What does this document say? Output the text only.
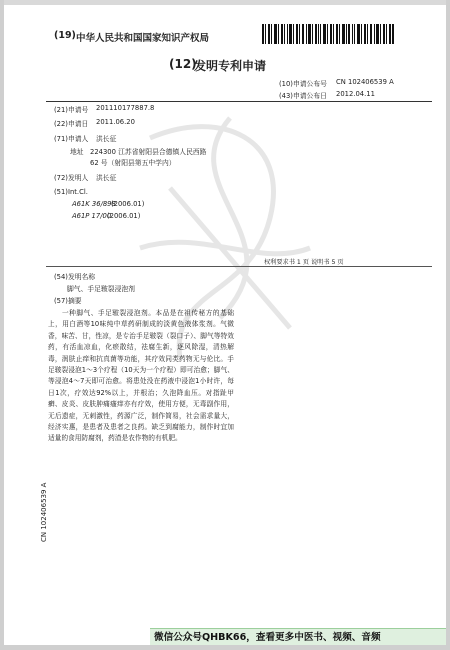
(19) 中华人民共和国国家知识产权局
(12)
发明专利申请
(10)申请公布号 CN 102406539 A
(43)申请公布日 2012.04.11
(21)申请号 201110177887.8
(22)申请日 2011.06.20
(71)申请人 洪长征
地址 224300 江苏省射阳县合德镇人民西路
62 号（射阳县第五中学内）
(72)发明人 洪长征
(51)Int.Cl.
A61K 36/898
(2006.01)
A61P 17/00
(2006.01)
权利要求书 1 页 说明书 5 页
(54)发明名称
脚气、手足皲裂浸泡剂
(57)摘要

一种脚气、手足皲裂浸泡剂。本品是在祖传秘方的基础上，用白酒等10味纯中草药研制成的淡黄色液体浆剂。气微香，味苦、甘，性凉，是专治手足皲裂（裂口子）、脚气等特效药，有活血凉血，化瘀散结，祛腐生新，逐风除湿，清热解毒，润肤止痒和抗真菌等功能，其疗效同类药物无与伦比。手足皲裂浸泡1～3个疗程（10天为一个疗程）即可治愈；脚气、等浸泡4～7天即可治愈。将患处没在药液中浸泡1小时许，每日1次，疗效达92%以上，并根治；久泡降血压。对指趾甲癣、皮炎、皮肤肿痛瘙痒亦有疗效，使用方便，无毒副作用，无后遗症，无刺激性，药源广泛，制作简易，社会需求量大，经济实惠，是患者及患者之良药。缺乏到腐能力，制作时宜加适量的食用防腐剂，药渣是农作物的有机肥。

CN 102406539 A
微信公众号QHBK66，查看更多中医书、视频、音频
